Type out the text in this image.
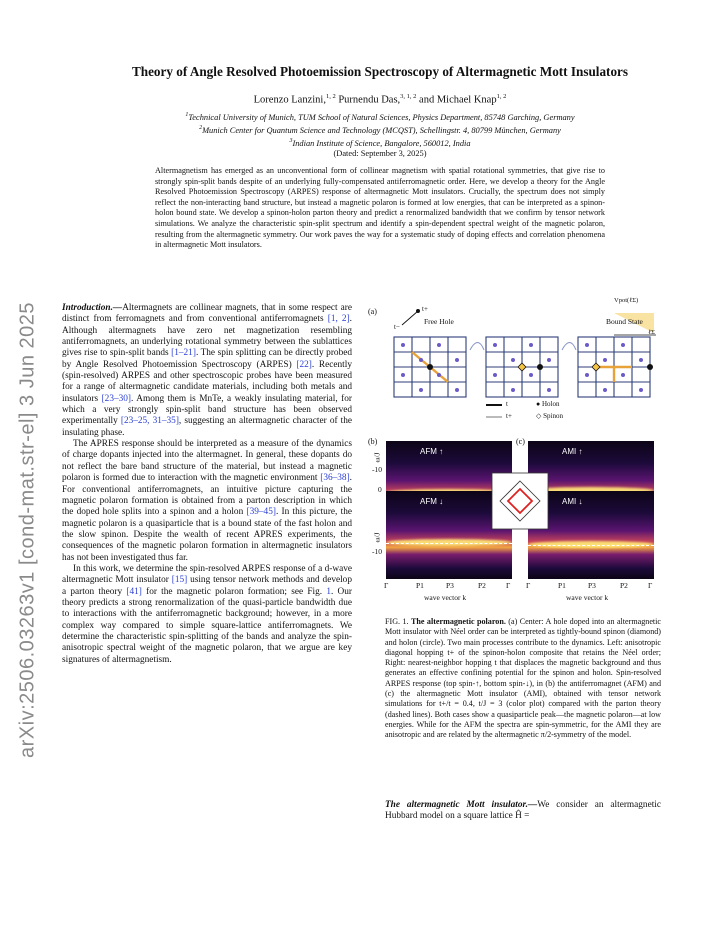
arXiv:2506.03263v1 [cond-mat.str-el] 3 Jun 2025
Theory of Angle Resolved Photoemission Spectroscopy of Altermagnetic Mott Insulators
Lorenzo Lanzini,$^{1, 2}$ Purnendu Das,$^{3, 1, 2}$ and Michael Knap$^{1, 2}$
$^1$Technical University of Munich, TUM School of Natural Sciences, Physics Department, 85748 Garching, Germany
$^2$Munich Center for Quantum Science and Technology (MCQST), Schellingstr. 4, 80799 München, Germany
$^3$Indian Institute of Science, Bangalore, 560012, India
(Dated: September 3, 2025)
Altermagnetism has emerged as an unconventional form of collinear magnetism with spatial rotational symmetries, that give rise to strongly spin-split bands despite of an underlying fully-compensated antiferromagnetic order. Here, we develop a theory for the Angle Resolved Photoemission Spectroscopy (ARPES) response of altermagnetic Mott insulators. Crucially, the spectrum does not simply reflect the non-interacting band structure, but instead a magnetic polaron is formed at low energies, that can be interpreted as a spinon-holon bound state. We develop a spinon-holon parton theory and predict a renormalized bandwidth that we confirm by tensor network simulations. We analyze the characteristic spin-split spectrum and identify a spin-dependent spectral weight of the magnetic polaron, resulting from the altermagnetic symmetry. Our work paves the way for a systematic study of doping effects and correlation phenomena in altermagnetic Mott insulators.

Introduction.—Altermagnets are collinear magnets, that in some respect are distinct from ferromagnets and from conventional antiferromagnets [1, 2]. Although altermagnets have zero net magnetization resembling antiferromagnets, an underlying rotational symmetry between the sublattices gives rise to spin-split bands [1–21]. The spin splitting can be directly probed by Angle Resolved Photoemission Spectroscopy (ARPES) [22]. Recently (spin-resolved) ARPES and other spectroscopic probes have been measured for a range of altermagnetic candidate materials, including both metals and insulators [23–30]. Among them is MnTe, a weakly insulating material, for which a very strongly spin-split band structure has been observed experimentally [23–25, 31–35], suggesting an altermagnetic character of the insulating phase.

The APRES response should be interpreted as a measure of the dynamics of charge dopants injected into the altermagnet. In general, these dopants do not reflect the bare band structure of the material, but instead a magnetic polaron is formed due to interaction with the magnetic environment [36–38]. For conventional antiferromagnets, an intuitive picture capturing the magnetic polaron formation is obtained from a parton description in which the doped hole splits into a spinon and a holon [39–45]. In this picture, the magnetic polaron is a quasiparticle that is a bound state of the fast holon and the slow spinon. Despite the wealth of recent APRES experiments, the consequences of the magnetic polaron formation in altermagnetic insulators has not been investigated thus far.

In this work, we determine the spin-resolved ARPES response of a d-wave altermagnetic Mott insulator [15] using tensor network methods and develop a parton theory [41] for the magnetic polaron formation; see Fig. 1. Our theory predicts a strong renormalization of the quasi-particle bandwidth due to interactions with the antiferromagnetic background; however, in a more complex way compared to simple square-lattice antiferromagnets. We determine the characteristic spin-splitting of the bands and analyze the spin-anisotropic spectral weight of the magnetic polaron, that we argue are key signatures of altermagnetism.

(a)
Free Hole
t+
t−
Vpot(ℓΣ)
Bound State
ℓΣ
t
t+
● Holon
◇ Spinon
(b)	(c)
AFM ↑
AFM ↓
AMI ↑
AMI ↓
ω/J
ω/J
0
-10
-10
Γ	P1	P3	P2	Γ
wave vector k
Γ	P1	P3	P2	Γ
wave vector k
FIG. 1. The altermagnetic polaron. (a) Center: A hole doped into an altermagnetic Mott insulator with Néel order can be interpreted as tightly-bound spinon (diamond) and holon (circle). Two main processes contribute to the dynamics. Left: anisotropic diagonal hopping t+ of the spinon-holon composite that retains the Néel order; Right: nearest-neighbor hopping t that displaces the magnetic background and thus generates an effective confining potential for the spinon and holon. Spin-resolved ARPES response (top spin-↑, bottom spin-↓), in (b) the antiferromagnet (AFM) and (c) the altermagnetic Mott insulator (AMI), obtained with tensor network simulations for t+/t = 0.4, t/J = 3 (color plot) compared with the parton theory (dashed lines). Both cases show a quasiparticle peak—the magnetic polaron—at low energies. While for the AFM the spectra are spin-symmetric, for the AMI they are anisotropic and are related by the altermagnetic π/2-symmetry of the model.

The altermagnetic Mott insulator.—We consider an altermagnetic Hubbard model on a square lattice Ĥ =
